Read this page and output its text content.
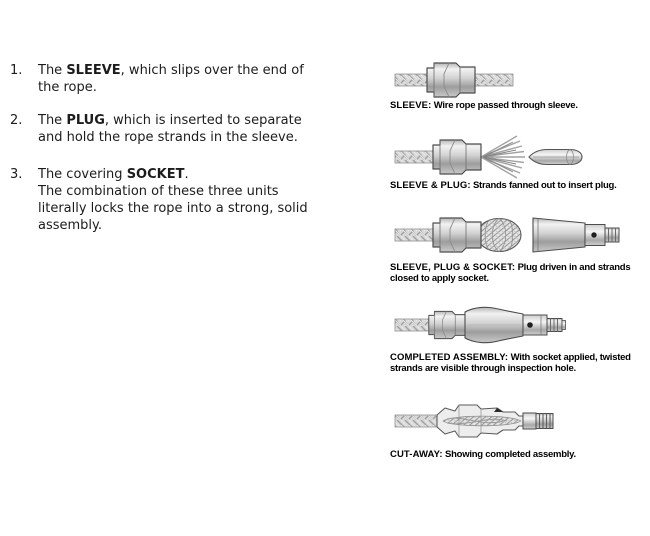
1.	The SLEEVE, which slips over the end of the rope.
2.	The PLUG, which is inserted to separate and hold the rope strands in the sleeve.
3.	The covering SOCKET.
The combination of these three units literally locks the rope into a strong, solid assembly.
SLEEVE: Wire rope passed through sleeve.
SLEEVE & PLUG: Strands fanned out to insert plug.
SLEEVE, PLUG & SOCKET: Plug driven in and strands closed to apply socket.
COMPLETED ASSEMBLY: With socket applied, twisted strands are visible through inspection hole.
CUT-AWAY: Showing completed assembly.
